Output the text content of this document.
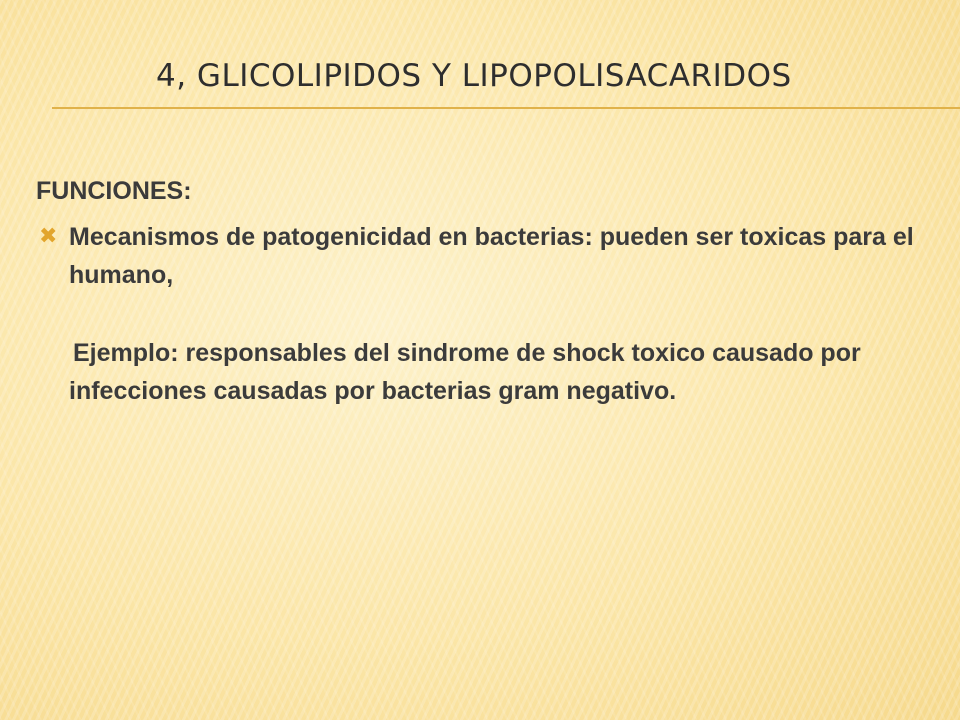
4, GLICOLIPIDOS Y LIPOPOLISACARIDOS

FUNCIONES:

✖ Mecanismos de patogenicidad en bacterias: pueden ser toxicas para el humano,

Ejemplo: responsables del sindrome de shock toxico causado por infecciones causadas por bacterias gram negativo.
